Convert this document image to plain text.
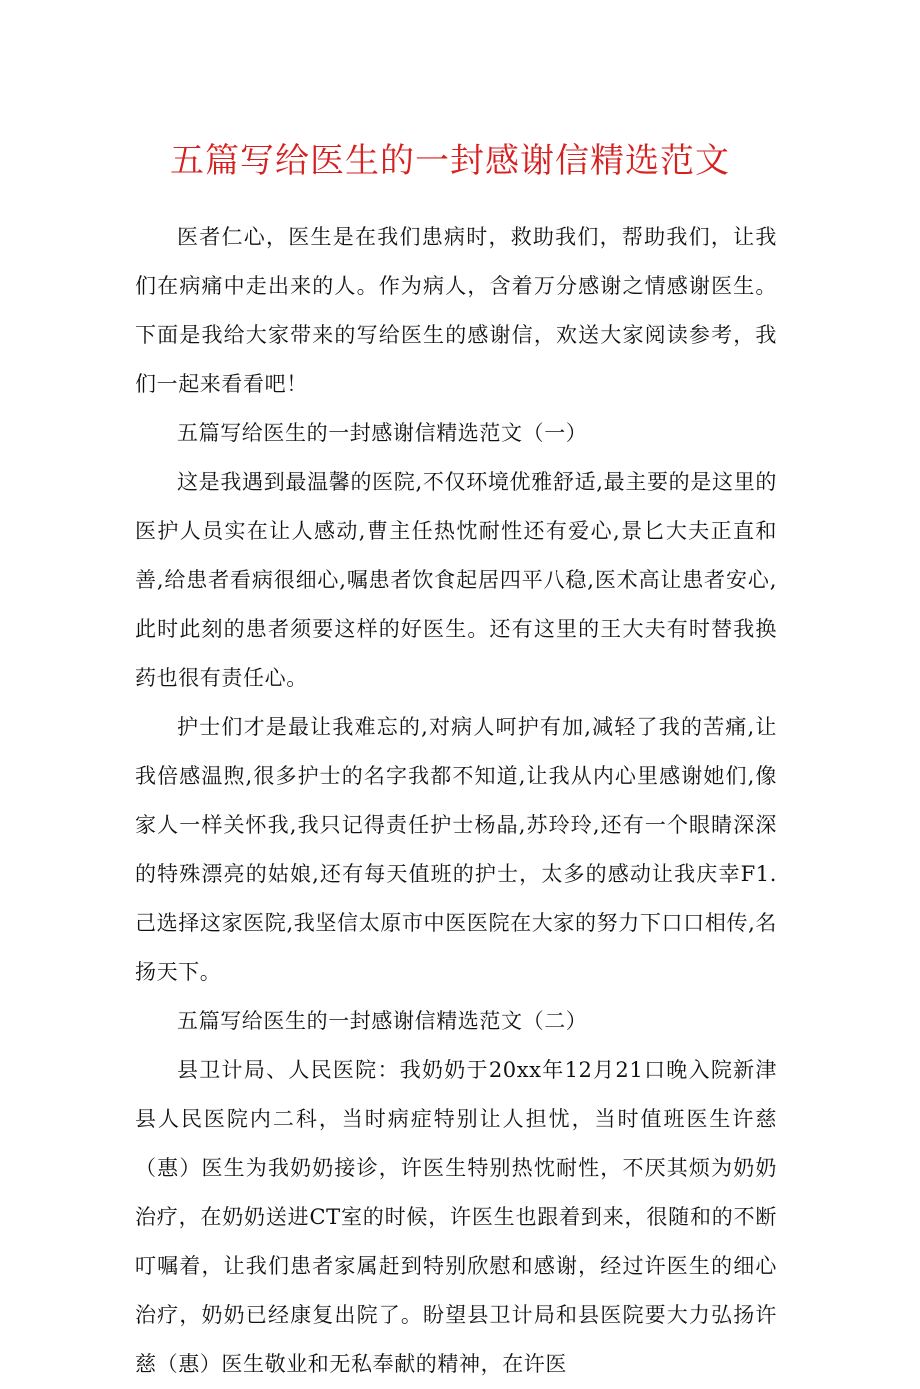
五篇写给医生的一封感谢信精选范文

医者仁心，医生是在我们患病时，救助我们，帮助我们，让我们在病痛中走出来的人。作为病人，含着万分感谢之情感谢医生。下面是我给大家带来的写给医生的感谢信，欢送大家阅读参考，我们一起来看看吧！

五篇写给医生的一封感谢信精选范文（一）

这是我遇到最温馨的医院,不仅环境优雅舒适,最主要的是这里的医护人员实在让人感动,曹主任热忱耐性还有爱心,景匕大夫正直和善,给患者看病很细心,嘱患者饮食起居四平八稳,医术高让患者安心,此时此刻的患者须要这样的好医生。还有这里的王大夫有时替我换药也很有责任心。

护士们才是最让我难忘的,对病人呵护有加,减轻了我的苦痛,让我倍感温煦,很多护士的名字我都不知道,让我从内心里感谢她们,像家人一样关怀我,我只记得责任护士杨晶,苏玲玲,还有一个眼睛深深的特殊漂亮的姑娘,还有每天值班的护士，太多的感动让我庆幸F1.己选择这家医院,我坚信太原市中医医院在大家的努力下口口相传,名扬天下。

五篇写给医生的一封感谢信精选范文（二）

县卫计局、人民医院：我奶奶于20xx年12月21口晚入院新津县人民医院内二科，当时病症特别让人担忧，当时值班医生许慈（惠）医生为我奶奶接诊，许医生特别热忱耐性，不厌其烦为奶奶治疗，在奶奶送进CT室的时候，许医生也跟着到来，很随和的不断叮嘱着，让我们患者家属赶到特别欣慰和感谢，经过许医生的细心治疗，奶奶已经康复出院了。盼望县卫计局和县医院要大力弘扬许慈（惠）医生敬业和无私奉献的精神，在许医
